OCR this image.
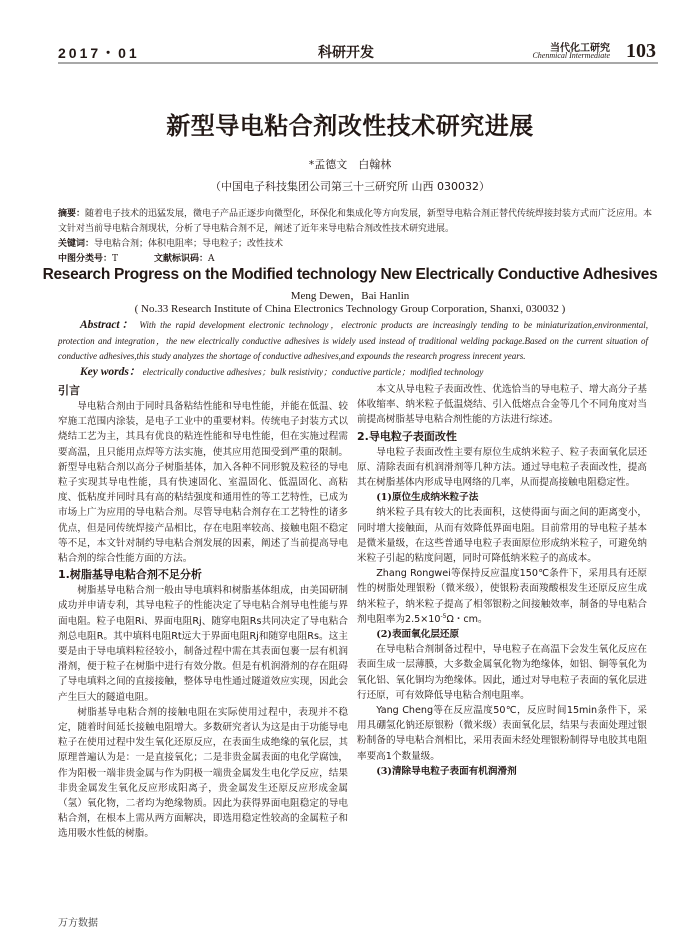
2017・01	科研开发	当代化工研究
Chenmical Intermediate 103
新型导电粘合剂改性技术研究进展
*孟德文　白翰林
（中国电子科技集团公司第三十三研究所 山西 030032）
摘要：随着电子技术的迅猛发展，微电子产品正逐步向微型化，环保化和集成化等方向发展，新型导电粘合剂正替代传统焊接封装方式而广泛应用。本文针对当前导电粘合剂现状，分析了导电粘合剂不足，阐述了近年来导电粘合剂改性技术研究进展。
关键词：导电粘合剂；体积电阻率；导电粒子；改性技术
中图分类号：T	文献标识码：A
Research Progress on the Modified technology New Electrically Conductive Adhesives
Meng Dewen，Bai Hanlin
( No.33 Research Institute of China Electronics Technology Group Corporation, Shanxi, 030032 )
Abstract： With the rapid development electronic technology，electronic products are increasingly tending to be miniaturization,environmental, protection and integration，the new electrically conductive adhesives is widely used instead of traditional welding package.Based on the current situation of conductive adhesives,this study analyzes the shortage of conductive adhesives,and expounds the research progress inrecent years.
Key words： electrically conductive adhesives；bulk resistivity；conductive particle；modified technology
引言

导电粘合剂由于同时具备粘结性能和导电性能，并能在低温、较窄施工范围内涂装，是电子工业中的重要材料。传统电子封装方式以烧结工艺为主，其具有优良的粘连性能和导电性能，但在实施过程需要高温，且只能用点焊等方法实施，使其应用范围受到严重的限制。新型导电粘合剂以高分子树脂基体，加入各种不同形貌及粒径的导电粒子实现其导电性能，具有快速固化、室温固化、低温固化、高粘度、低粘度并同时具有高的粘结强度和通用性的等工艺特性，已成为市场上广为应用的导电粘合剂。尽管导电粘合剂存在工艺特性的诸多优点，但是同传统焊接产品相比，存在电阻率较高、接触电阻不稳定等不足，本文针对制约导电粘合剂发展的因素，阐述了当前提高导电粘合剂的综合性能方面的方法。

1.树脂基导电粘合剂不足分析

树脂基导电粘合剂一般由导电填料和树脂基体组成，由美国研制成功并申请专利，其导电粒子的性能决定了导电粘合剂导电性能与界面电阻。粒子电阻Ri、界面电阻Rj、随穿电阻Rs共同决定了导电粘合剂总电阻R。其中填料电阻Rt远大于界面电阻Rj和随穿电阻Rs。这主要是由于导电填料粒径较小，制备过程中需在其表面包裹一层有机润滑剂，便于粒子在树脂中进行有效分散。但是有机润滑剂的存在阻碍了导电填料之间的直接接触，整体导电性通过隧道效应实现，因此会产生巨大的隧道电阻。

树脂基导电粘合剂的接触电阻在实际使用过程中，表现并不稳定，随着时间延长接触电阻增大。多数研究者认为这是由于功能导电粒子在使用过程中发生氧化还原反应，在表面生成绝缘的氧化层，其原理普遍认为是：一是直接氧化；二是非贵金属表面的电化学腐蚀，作为阳极一端非贵金属与作为阴极一端贵金属发生电化学反应，结果非贵金属发生氧化反应形成阳离子，贵金属发生还原反应形成金属（氢）氧化物，二者均为绝缘物质。因此为获得界面电阻稳定的导电粘合剂，在根本上需从两方面解决，即选用稳定性较高的金属粒子和选用吸水性低的树脂。

本文从导电粒子表面改性、优选恰当的导电粒子、增大高分子基体收缩率、纳米粒子低温烧结、引入低熔点合金等几个不同角度对当前提高树脂基导电粘合剂性能的方法进行综述。

2.导电粒子表面改性

导电粒子表面改性主要有原位生成纳米粒子、粒子表面氧化层还原、清除表面有机润滑剂等几种方法。通过导电粒子表面改性，提高其在树脂基体内形成导电网络的几率，从而提高接触电阻稳定性。

(1)原位生成纳米粒子法

纳米粒子具有较大的比表面积，这使得面与面之间的距离变小，同时增大接触面，从而有效降低界面电阻。目前常用的导电粒子基本是微米量级，在这些普通导电粒子表面原位形成纳米粒子，可避免纳米粒子引起的粘度问题，同时可降低纳米粒子的高成本。

Zhang Rongwei等保持反应温度150℃条件下，采用具有还原性的树脂处理银粉（微米级），使银粉表面羧酸根发生还原反应生成纳米粒子，纳米粒子提高了相邻银粉之间接触效率，制备的导电粘合剂电阻率为$2.5\times 10^{-5}\Omega$・cm。

(2)表面氧化层还原

在导电粘合剂制备过程中，导电粒子在高温下会发生氧化反应在表面生成一层薄膜，大多数金属氧化物为绝缘体，如铝、铜等氧化为氧化铝、氧化铜均为绝缘体。因此，通过对导电粒子表面的氧化层进行还原，可有效降低导电粘合剂电阻率。

Yang Cheng等在反应温度50℃，反应时间15min条件下，采用具硼氢化钠还原银粉（微米级）表面氧化层，结果与表面处理过银粉制备的导电粘合剂相比，采用表面未经处理银粉制得导电胶其电阻率要高1个数量级。

(3)清除导电粒子表面有机润滑剂
万方数据
